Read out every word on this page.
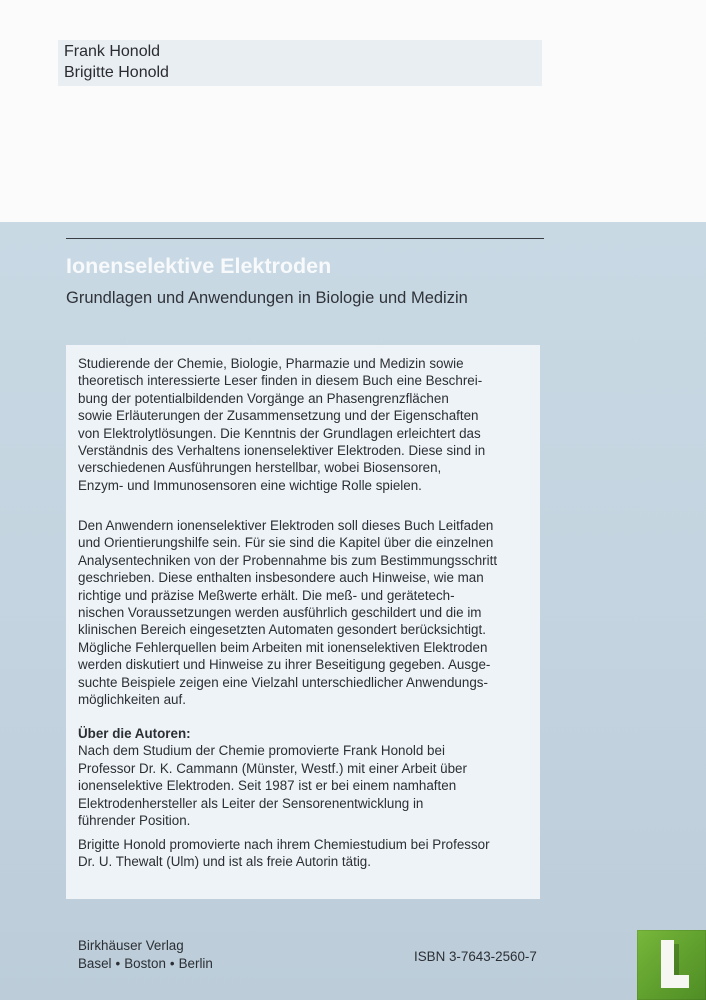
Frank Honold
Brigitte Honold
Ionenselektive Elektroden
Grundlagen und Anwendungen in Biologie und Medizin
Studierende der Chemie, Biologie, Pharmazie und Medizin sowie
theoretisch interessierte Leser finden in diesem Buch eine Beschrei-
bung der potentialbildenden Vorgänge an Phasengrenzflächen
sowie Erläuterungen der Zusammensetzung und der Eigenschaften
von Elektrolytlösungen. Die Kenntnis der Grundlagen erleichtert das
Verständnis des Verhaltens ionenselektiver Elektroden. Diese sind in
verschiedenen Ausführungen herstellbar, wobei Biosensoren,
Enzym- und Immunosensoren eine wichtige Rolle spielen.
Den Anwendern ionenselektiver Elektroden soll dieses Buch Leitfaden
und Orientierungshilfe sein. Für sie sind die Kapitel über die einzelnen
Analysentechniken von der Probennahme bis zum Bestimmungsschritt
geschrieben. Diese enthalten insbesondere auch Hinweise, wie man
richtige und präzise Meßwerte erhält. Die meß- und gerätetech-
nischen Voraussetzungen werden ausführlich geschildert und die im
klinischen Bereich eingesetzten Automaten gesondert berücksichtigt.
Mögliche Fehlerquellen beim Arbeiten mit ionenselektiven Elektroden
werden diskutiert und Hinweise zu ihrer Beseitigung gegeben. Ausge-
suchte Beispiele zeigen eine Vielzahl unterschiedlicher Anwendungs-
möglichkeiten auf.
Über die Autoren:
Nach dem Studium der Chemie promovierte Frank Honold bei
Professor Dr. K. Cammann (Münster, Westf.) mit einer Arbeit über
ionenselektive Elektroden. Seit 1987 ist er bei einem namhaften
Elektrodenhersteller als Leiter der Sensorenentwicklung in
führender Position.
Brigitte Honold promovierte nach ihrem Chemiestudium bei Professor
Dr. U. Thewalt (Ulm) und ist als freie Autorin tätig.
Birkhäuser Verlag
Basel • Boston • Berlin	ISBN 3-7643-2560-7
